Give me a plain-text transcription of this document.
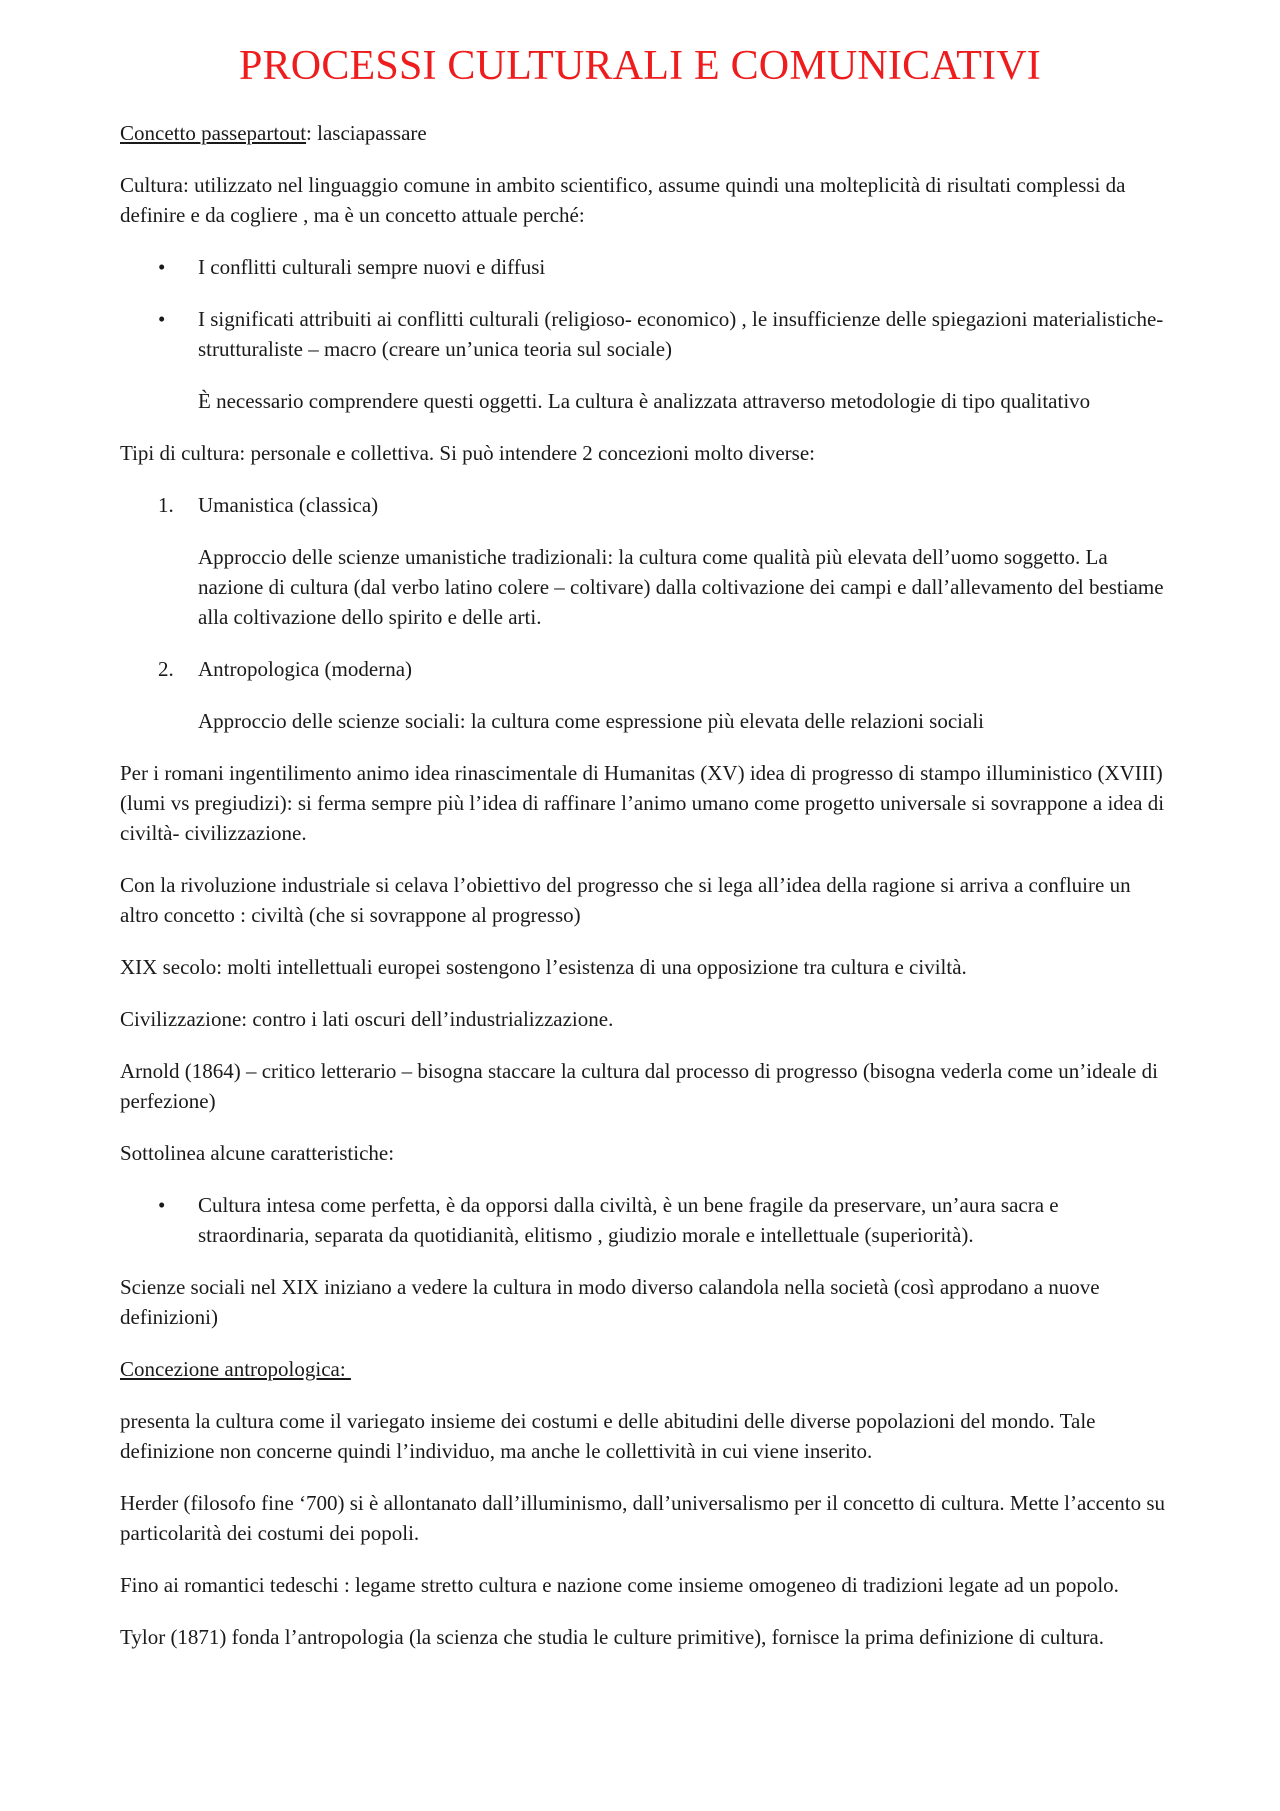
PROCESSI CULTURALI E COMUNICATIVI

Concetto passepartout: lasciapassare

Cultura: utilizzato nel linguaggio comune in ambito scientifico, assume quindi una molteplicità di risultati complessi da definire e da cogliere , ma è un concetto attuale perché:

• I conflitti culturali sempre nuovi e diffusi
• I significati attribuiti ai conflitti culturali (religioso- economico) , le insufficienze delle spiegazioni materialistiche- strutturaliste – macro (creare un’unica teoria sul sociale)

È necessario comprendere questi oggetti. La cultura è analizzata attraverso metodologie di tipo qualitativo

Tipi di cultura: personale e collettiva. Si può intendere 2 concezioni molto diverse:

1. Umanistica (classica)

Approccio delle scienze umanistiche tradizionali: la cultura come qualità più elevata dell’uomo soggetto. La nazione di cultura (dal verbo latino colere – coltivare) dalla coltivazione dei campi e dall’allevamento del bestiame alla coltivazione dello spirito e delle arti.

2. Antropologica (moderna)

Approccio delle scienze sociali: la cultura come espressione più elevata delle relazioni sociali

Per i romani ingentilimento animo idea rinascimentale di Humanitas (XV) idea di progresso di stampo illuministico (XVIII) (lumi vs pregiudizi): si ferma sempre più l’idea di raffinare l’animo umano come progetto universale si sovrappone a idea di civiltà- civilizzazione.

Con la rivoluzione industriale si celava l’obiettivo del progresso che si lega all’idea della ragione si arriva a confluire un altro concetto : civiltà (che si sovrappone al progresso)

XIX secolo: molti intellettuali europei sostengono l’esistenza di una opposizione tra cultura e civiltà.

Civilizzazione: contro i lati oscuri dell’industrializzazione.

Arnold (1864) – critico letterario – bisogna staccare la cultura dal processo di progresso (bisogna vederla come un’ideale di perfezione)

Sottolinea alcune caratteristiche:

• Cultura intesa come perfetta, è da opporsi dalla civiltà, è un bene fragile da preservare, un’aura sacra e straordinaria, separata da quotidianità, elitismo , giudizio morale e intellettuale (superiorità).

Scienze sociali nel XIX iniziano a vedere la cultura in modo diverso calandola nella società (così approdano a nuove definizioni)

Concezione antropologica:

presenta la cultura come il variegato insieme dei costumi e delle abitudini delle diverse popolazioni del mondo. Tale definizione non concerne quindi l’individuo, ma anche le collettività in cui viene inserito.

Herder (filosofo fine ‘700) si è allontanato dall’illuminismo, dall’universalismo per il concetto di cultura. Mette l’accento su particolarità dei costumi dei popoli.

Fino ai romantici tedeschi : legame stretto cultura e nazione come insieme omogeneo di tradizioni legate ad un popolo.

Tylor (1871) fonda l’antropologia (la scienza che studia le culture primitive), fornisce la prima definizione di cultura.
